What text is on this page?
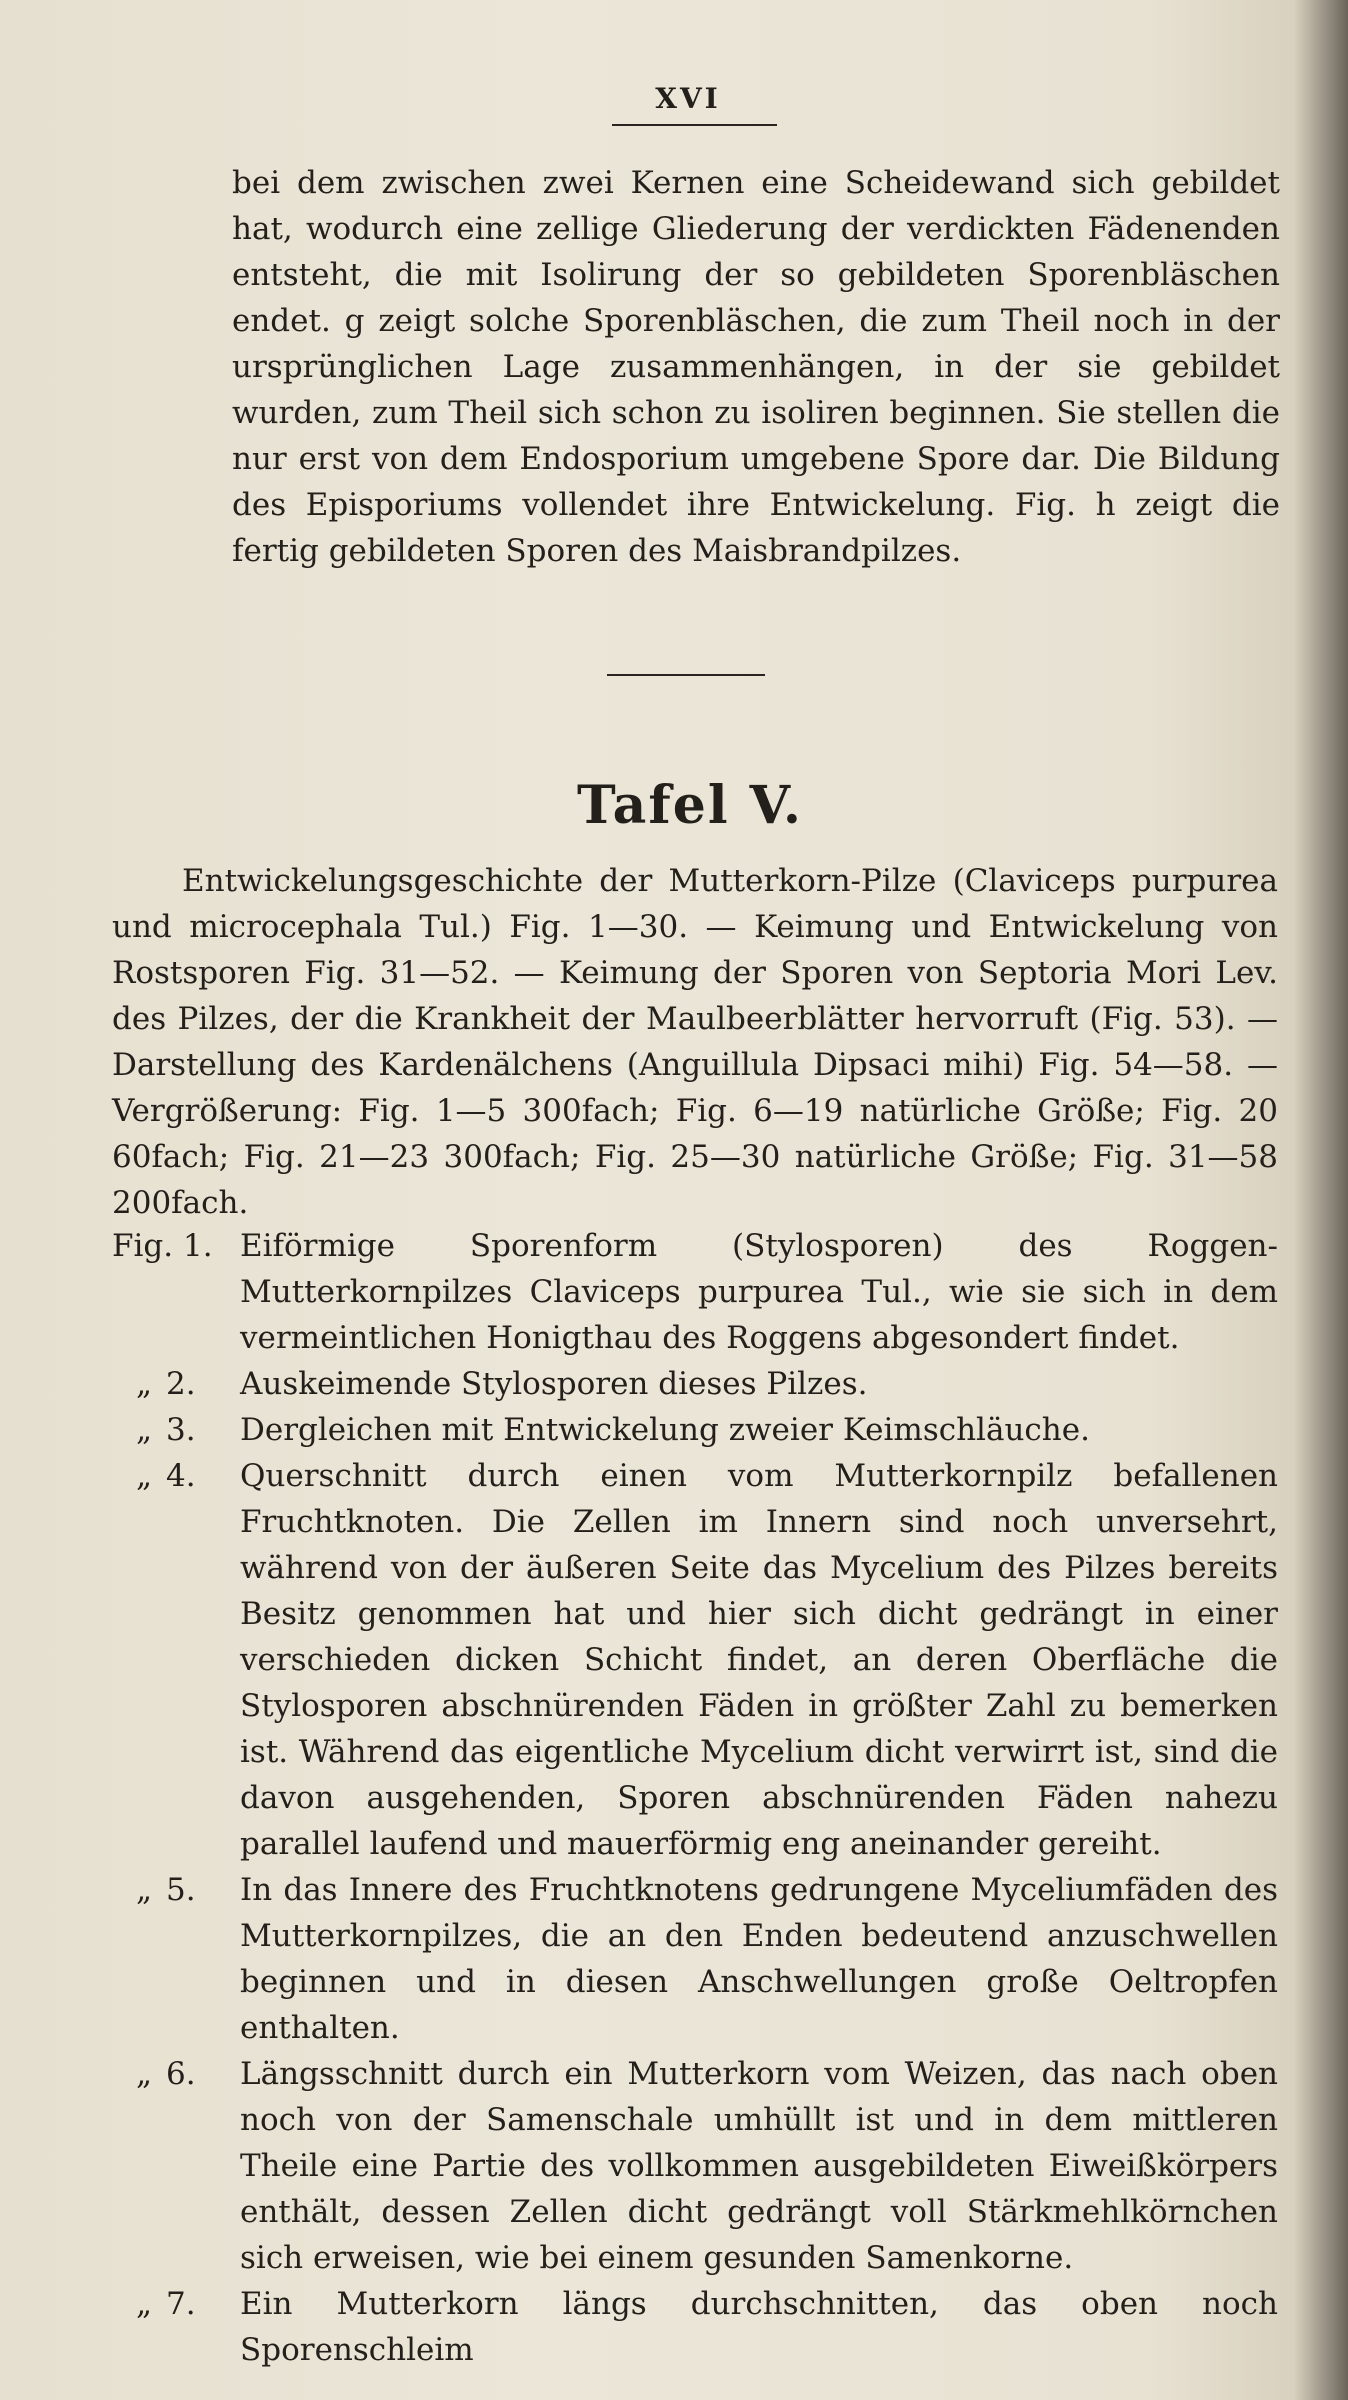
XVI
bei dem zwischen zwei Kernen eine Scheidewand sich gebildet hat, wodurch eine zellige Gliederung der verdickten Fädenenden entsteht, die mit Isolirung der so gebildeten Sporenbläschen endet. g zeigt solche Sporenbläschen, die zum Theil noch in der ursprünglichen Lage zusammenhängen, in der sie gebildet wurden, zum Theil sich schon zu isoliren beginnen. Sie stellen die nur erst von dem Endosporium umgebene Spore dar. Die Bildung des Episporiums vollendet ihre Entwickelung. Fig. h zeigt die fertig gebildeten Sporen des Maisbrandpilzes.
Tafel V.

Entwickelungsgeschichte der Mutterkorn-Pilze (Claviceps purpurea und microcephala Tul.) Fig. 1—30. — Keimung und Entwickelung von Rostsporen Fig. 31—52. — Keimung der Sporen von Septoria Mori Lev. des Pilzes, der die Krankheit der Maulbeerblätter hervorruft (Fig. 53). — Darstellung des Kardenälchens (Anguillula Dipsaci mihi) Fig. 54—58. — Vergrößerung: Fig. 1—5 300fach; Fig. 6—19 natürliche Größe; Fig. 20 60fach; Fig. 21—23 300fach; Fig. 25—30 natürliche Größe; Fig. 31—58 200fach.

Fig. 1. Eiförmige Sporenform (Stylosporen) des Roggen-Mutterkornpilzes Claviceps purpurea Tul., wie sie sich in dem vermeintlichen Honigthau des Roggens abgesondert findet.
„ 2.	Auskeimende Stylosporen dieses Pilzes.
„ 3.	Dergleichen mit Entwickelung zweier Keimschläuche.
„ 4.	Querschnitt durch einen vom Mutterkornpilz befallenen Fruchtknoten. Die Zellen im Innern sind noch unversehrt, während von der äußeren Seite das Mycelium des Pilzes bereits Besitz genommen hat und hier sich dicht gedrängt in einer verschieden dicken Schicht findet, an deren Oberfläche die Stylosporen abschnürenden Fäden in größter Zahl zu bemerken ist. Während das eigentliche Mycelium dicht verwirrt ist, sind die davon ausgehenden, Sporen abschnürenden Fäden nahezu parallel laufend und mauerförmig eng aneinander gereiht.
„ 5.	In das Innere des Fruchtknotens gedrungene Myceliumfäden des Mutterkornpilzes, die an den Enden bedeutend anzuschwellen beginnen und in diesen Anschwellungen große Oeltropfen enthalten.
„ 6.	Längsschnitt durch ein Mutterkorn vom Weizen, das nach oben noch von der Samenschale umhüllt ist und in dem mittleren Theile eine Partie des vollkommen ausgebildeten Eiweißkörpers enthält, dessen Zellen dicht gedrängt voll Stärkmehlkörnchen sich erweisen, wie bei einem gesunden Samenkorne.
„ 7.	Ein Mutterkorn längs durchschnitten, das oben noch Sporenschleim
